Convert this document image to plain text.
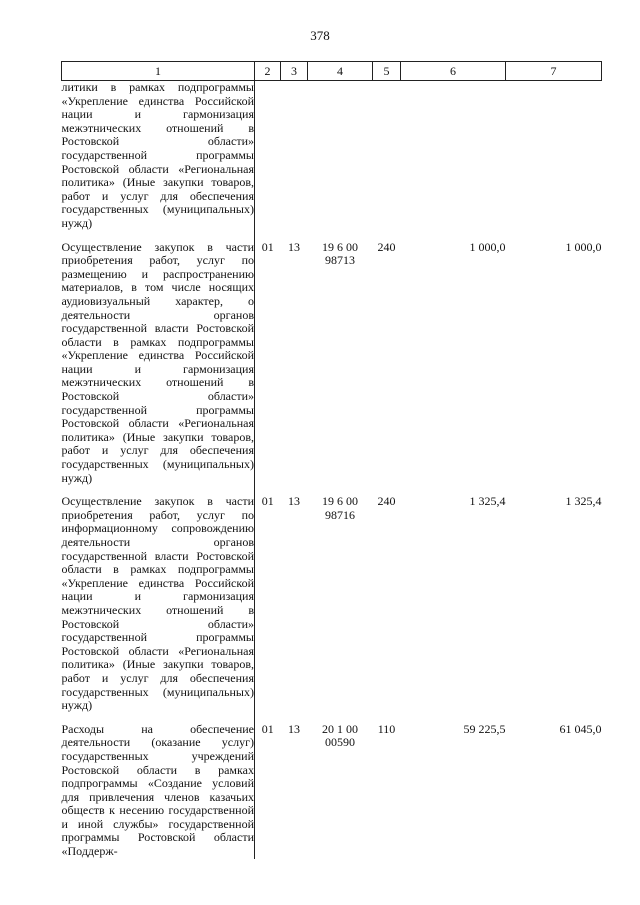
378
1	2	3	4	5	6	7
литики в рамках подпрограммы «Укрепление единства Российской нации и гармонизация межэтнических отношений в Ростовской области» государственной программы Ростовской области «Региональная политика» (Иные закупки товаров, работ и услуг для обеспечения государственных (муниципальных) нужд)						
Осуществление закупок в части приобретения работ, услуг по размещению и распространению материалов, в том числе носящих аудиовизуальный характер, о деятельности органов государственной власти Ростовской области в рамках подпрограммы «Укрепление единства Российской нации и гармонизация межэтнических отношений в Ростовской области» государственной программы Ростовской области «Региональная политика» (Иные закупки товаров, работ и услуг для обеспечения государственных (муниципальных) нужд)	01	13	19 6 00 98713	240	1 000,0	1 000,0
Осуществление закупок в части приобретения работ, услуг по информационному сопровождению деятельности органов государственной власти Ростовской области в рамках подпрограммы «Укрепление единства Российской нации и гармонизация межэтнических отношений в Ростовской области» государственной программы Ростовской области «Региональная политика» (Иные закупки товаров, работ и услуг для обеспечения государственных (муниципальных) нужд)	01	13	19 6 00 98716	240	1 325,4	1 325,4
Расходы на обеспечение деятельности (оказание услуг) государственных учреждений Ростовской области в рамках подпрограммы «Создание условий для привлечения членов казачьих обществ к несению государственной и иной службы» государственной программы Ростовской области «Поддерж-	01	13	20 1 00 00590	110	59 225,5	61 045,0
